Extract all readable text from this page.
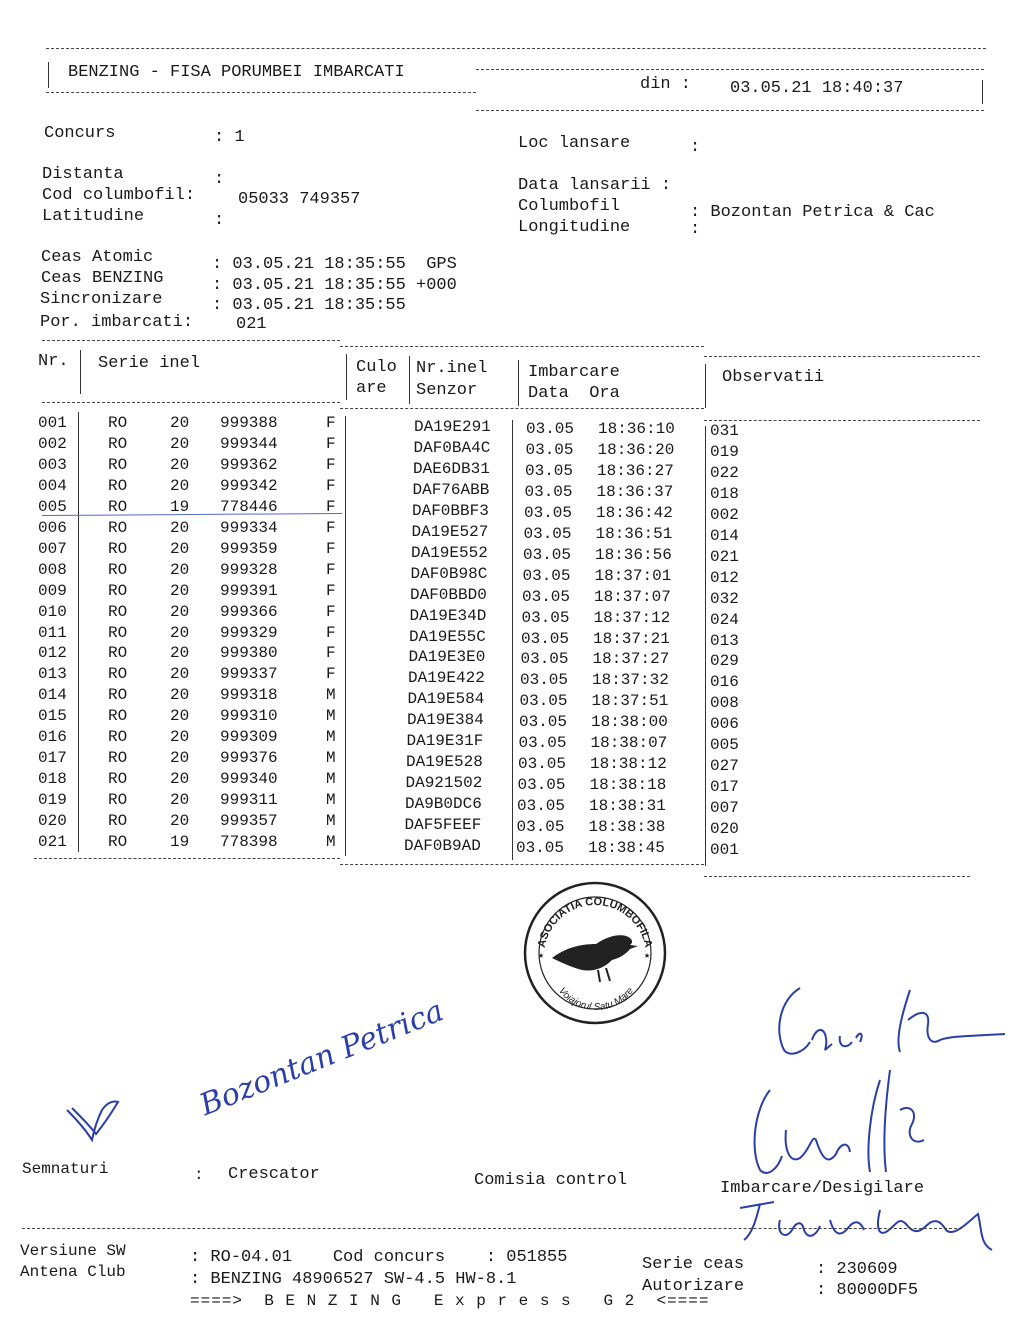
BENZING - FISA PORUMBEI IMBARCATI
din : 03.05.21 18:40:37
Concurs	: 1	Loc lansare	:
Distanta	:
Cod columbofil:	05033 749357
Latitudine	:
Data lansarii :
Columbofil	: Bozontan Petrica & Cac
Longitudine	:
Ceas Atomic	: 03.05.21 18:35:55  GPS
Ceas BENZING	: 03.05.21 18:35:55 +000
Sincronizare	: 03.05.21 18:35:55
Por. imbarcati:	021
Nr. Serie inel	Culo
are
Nr.inel
Senzor
Imbarcare
Data  Ora
Observatii
001	RO	20 999388	F	DA19E291 03.05 18:36:10 031
002	RO	20 999344	F	DAF0BA4C 03.05 18:36:20 019
003	RO	20 999362	F	DAE6DB31 03.05 18:36:27 022
004	RO	20 999342	F	DAF76ABB 03.05 18:36:37 018
005	RO	19 778446	F	DAF0BBF3 03.05 18:36:42 002
006	RO	20 999334	F	DA19E527 03.05 18:36:51 014
007	RO	20 999359	F	DA19E552 03.05 18:36:56 021
008	RO	20 999328	F	DAF0B98C 03.05 18:37:01 012
009	RO	20 999391	F	DAF0BBD0 03.05 18:37:07 032
010	RO	20 999366	F	DA19E34D 03.05 18:37:12 024
011	RO	20 999329	F	DA19E55C 03.05 18:37:21	013
012	RO	20 999380	F	DA19E3E0 03.05 18:37:27	029
013	RO	20 999337	F	DA19E422 03.05 18:37:32	016
014	RO	20 999318	M	DA19E584 03.05 18:37:51	008
015	RO	20 999310	M	DA19E384 03.05 18:38:00	006
016	RO	20 999309	M	DA19E31F 03.05 18:38:07	005
017	RO	20 999376	M	DA19E528 03.05 18:38:12	027
018	RO	20 999340	M	DA921502 03.05 18:38:18	017
019	RO	20 999311	M	DA9B0DC6 03.05 18:38:31	007
020	RO	20 999357	M	DAF5FEEF 03.05 18:38:38	020
021	RO	19 778398	M	DAF0B9AD 03.05 18:38:45	001
ASOCIATIA COLUMBOFILA
Voiajorul Satu Mare
★	★
Bozontan Petrica
Semnaturi	: Crescator	Comisia control	Imbarcare/Desigilare
Versiune SW
Antena Club
: RO-04.01    Cod concurs    : 051855
: BENZING 48906527 SW-4.5 HW-8.1
Serie ceas	: 230609
Autorizare	: 80000DF5
====>  B E N Z I N G   E x p r e s s   G 2  <====
